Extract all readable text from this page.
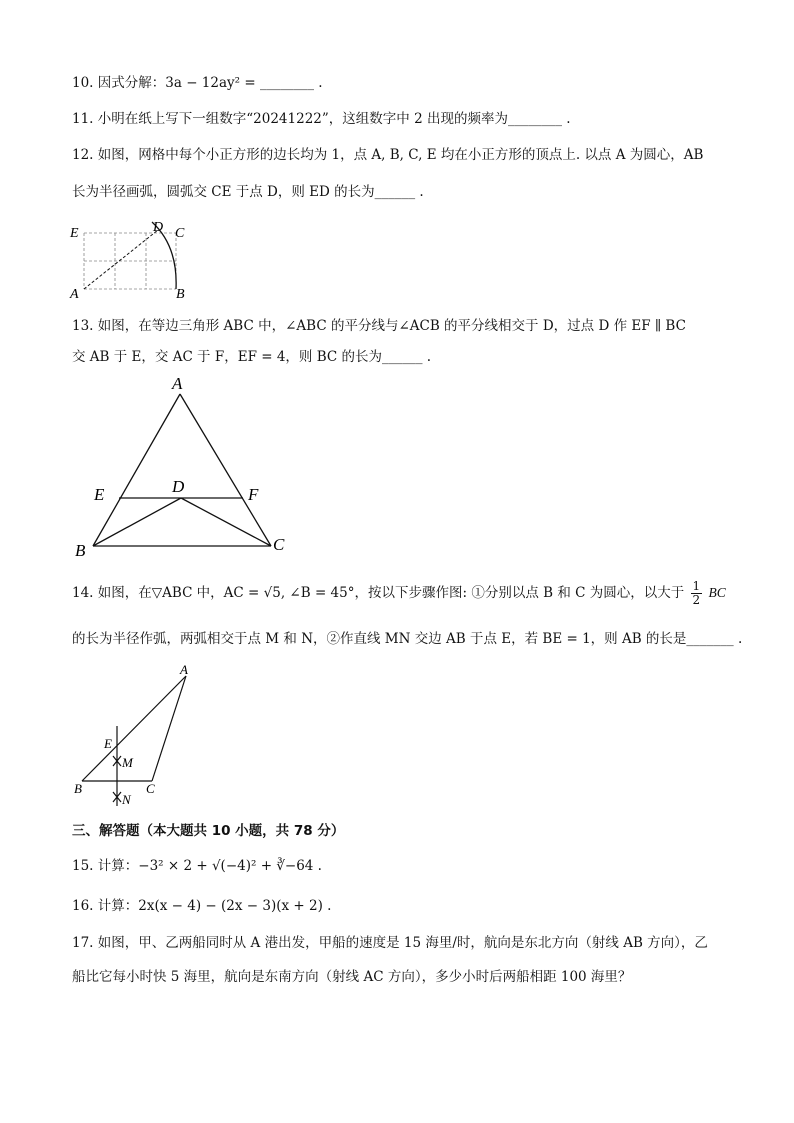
10. 因式分解：3a − 12ay² = ________ .
11. 小明在纸上写下一组数字“20241222”，这组数字中 2 出现的频率为________ .
12. 如图，网格中每个小正方形的边长均为 1，点 A, B, C, E 均在小正方形的顶点上. 以点 A 为圆心，AB
长为半径画弧，圆弧交 CE 于点 D，则 ED 的长为______ .
E	D C
A	B
13. 如图，在等边三角形 ABC 中，∠ABC 的平分线与∠ACB 的平分线相交于 D，过点 D 作 EF ∥ BC
交 AB 于 E，交 AC 于 F，EF = 4，则 BC 的长为______ .
A
E	D	F
B	C
14. 如图，在▽ABC 中，AC = √5, ∠B = 45°，按以下步骤作图: ①分别以点 B 和 C 为圆心，以大于 $\frac{1}{2}$ BC
的长为半径作弧，两弧相交于点 M 和 N，②作直线 MN 交边 AB 于点 E，若 BE = 1，则 AB 的长是_______ .
A
E
M
B	C
N
三、解答题（本大题共 10 小题，共 78 分）
15. 计算：−3² × 2 + √(−4)² + ∛−64 .
16. 计算：2x(x − 4) − (2x − 3)(x + 2) .
17. 如图，甲、乙两船同时从 A 港出发，甲船的速度是 15 海里/时，航向是东北方向（射线 AB 方向），乙
船比它每小时快 5 海里，航向是东南方向（射线 AC 方向），多少小时后两船相距 100 海里？
